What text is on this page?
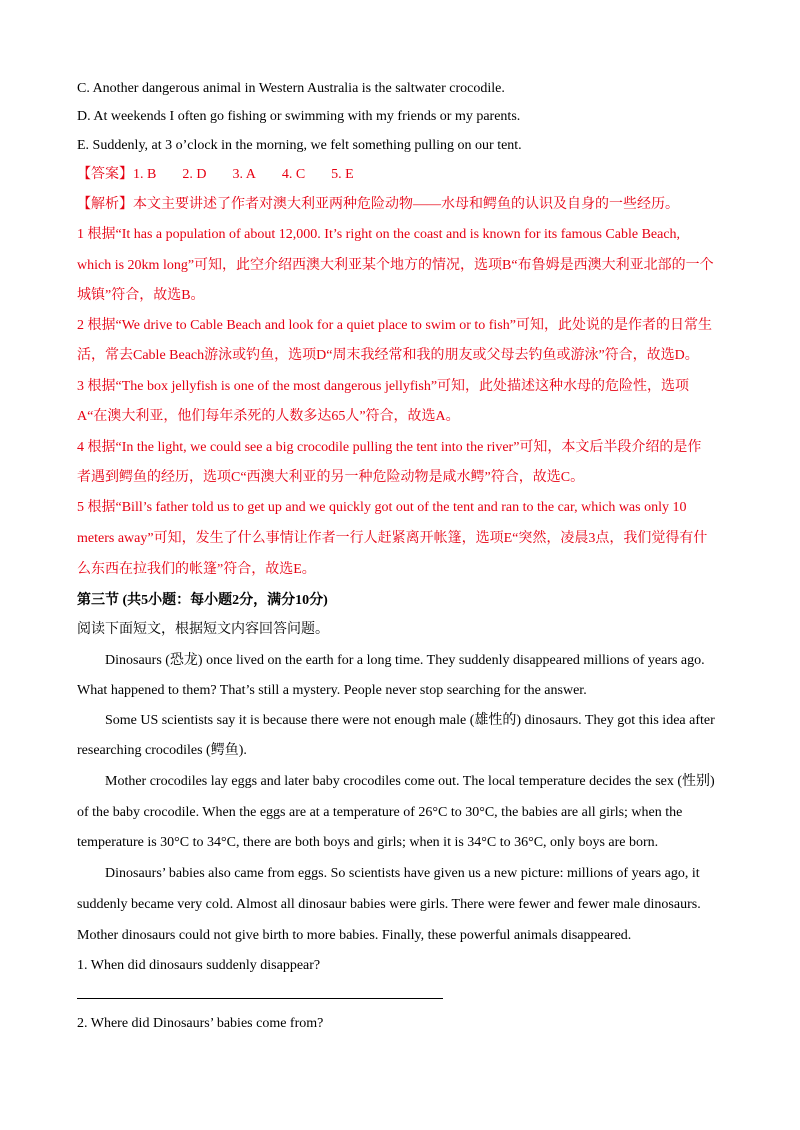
C. Another dangerous animal in Western Australia is the saltwater crocodile.
D. At weekends I often go fishing or swimming with my friends or my parents.
E. Suddenly, at 3 o’clock in the morning, we felt something pulling on our tent.
【答案】1. B 2. D 3. A 4. C 5. E
【解析】本文主要讲述了作者对澳大利亚两种危险动物——水母和鳄鱼的认识及自身的一些经历。
1 根据“It has a population of about 12,000. It’s right on the coast and is known for its famous Cable Beach,
which is 20km long”可知，此空介绍西澳大利亚某个地方的情况，选项B“布鲁姆是西澳大利亚北部的一个
城镇”符合，故选B。
2 根据“We drive to Cable Beach and look for a quiet place to swim or to fish”可知，此处说的是作者的日常生
活，常去Cable Beach游泳或钓鱼，选项D“周末我经常和我的朋友或父母去钓鱼或游泳”符合，故选D。
3 根据“The box jellyfish is one of the most dangerous jellyfish”可知，此处描述这种水母的危险性，选项
A“在澳大利亚，他们每年杀死的人数多达65人”符合，故选A。
4 根据“In the light, we could see a big crocodile pulling the tent into the river”可知，本文后半段介绍的是作
者遇到鳄鱼的经历，选项C“西澳大利亚的另一种危险动物是咸水鳄”符合，故选C。
5 根据“Bill’s father told us to get up and we quickly got out of the tent and ran to the car, which was only 10
meters away”可知，发生了什么事情让作者一行人赶紧离开帐篷，选项E“突然，凌晨3点，我们觉得有什
么东西在拉我们的帐篷”符合，故选E。
第三节 (共5小题：每小题2分，满分10分)
阅读下面短文，根据短文内容回答问题。
Dinosaurs (恐龙) once lived on the earth for a long time. They suddenly disappeared millions of years ago.
What happened to them? That’s still a mystery. People never stop searching for the answer.
Some US scientists say it is because there were not enough male (雄性的) dinosaurs. They got this idea after
researching crocodiles (鳄鱼).
Mother crocodiles lay eggs and later baby crocodiles come out. The local temperature decides the sex (性别)
of the baby crocodile. When the eggs are at a temperature of 26°C to 30°C, the babies are all girls; when the
temperature is 30°C to 34°C, there are both boys and girls; when it is 34°C to 36°C, only boys are born.
Dinosaurs’ babies also came from eggs. So scientists have given us a new picture: millions of years ago, it
suddenly became very cold. Almost all dinosaur babies were girls. There were fewer and fewer male dinosaurs.
Mother dinosaurs could not give birth to more babies. Finally, these powerful animals disappeared.
1. When did dinosaurs suddenly disappear?
2. Where did Dinosaurs’ babies come from?
